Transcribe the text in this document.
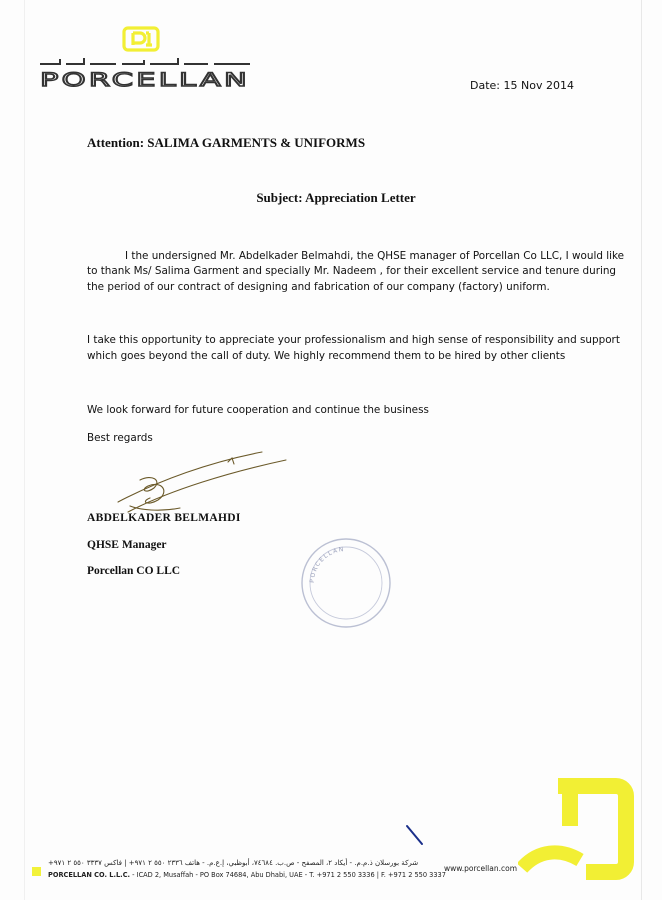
PORCELLAN	Date: 15 Nov 2014
Attention: SALIMA GARMENTS & UNIFORMS
Subject: Appreciation Letter
I the undersigned Mr. Abdelkader Belmahdi, the QHSE manager of Porcellan Co LLC, I would like
to thank Ms/ Salima Garment and specially Mr. Nadeem , for their excellent service and tenure during
the period of our contract of designing and fabrication of our company (factory) uniform.
I take this opportunity to appreciate your professionalism and high sense of responsibility and support
which goes beyond the call of duty. We highly recommend them to be hired by other clients
We look forward for future cooperation and continue the business
Best regards
ABDELKADER BELMAHDI
QHSE Manager
Porcellan CO LLC
PORCELLAN
شركة بورسلان ذ.م.م. - أيكاد ٢، المصفح - ص.ب. ٧٤٦٨٤، أبوظبي، إ.ع.م. - هاتف ٢٣٣٦ ٥٥٠ ٢ ٩٧١+ | فاكس ٣٣٣٧ ٥٥٠ ٢ ٩٧١+
PORCELLAN CO. L.L.C. - ICAD 2, Musaffah - PO Box 74684, Abu Dhabi, UAE - T. +971 2 550 3336 | F. +971 2 550 3337
www.porcellan.com
